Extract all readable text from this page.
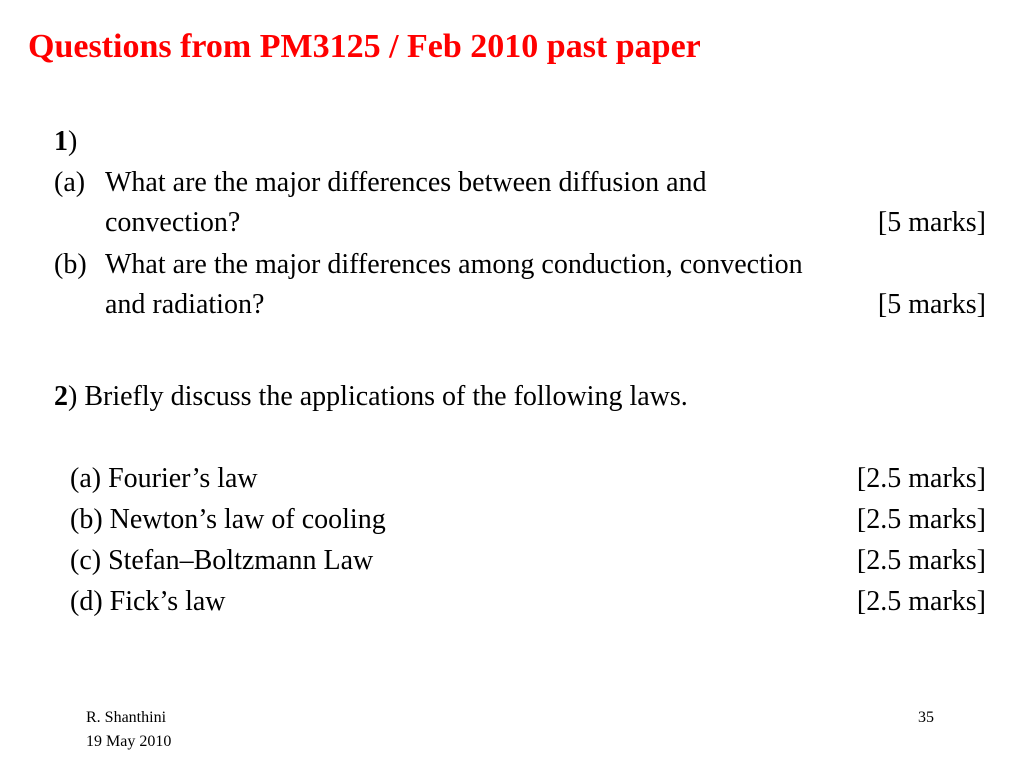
Questions from PM3125 / Feb 2010 past paper
1)
(a) What are the major differences between diffusion and
convection?	[5 marks]
(b) What are the major differences among conduction, convection
and radiation?	[5 marks]
2) Briefly discuss the applications of the following laws.
(a) Fourier’s law	[2.5 marks]
(b) Newton’s law of cooling	[2.5 marks]
(c) Stefan–Boltzmann Law	[2.5 marks]
(d) Fick’s law	[2.5 marks]
R. Shanthini
19 May 2010
35
